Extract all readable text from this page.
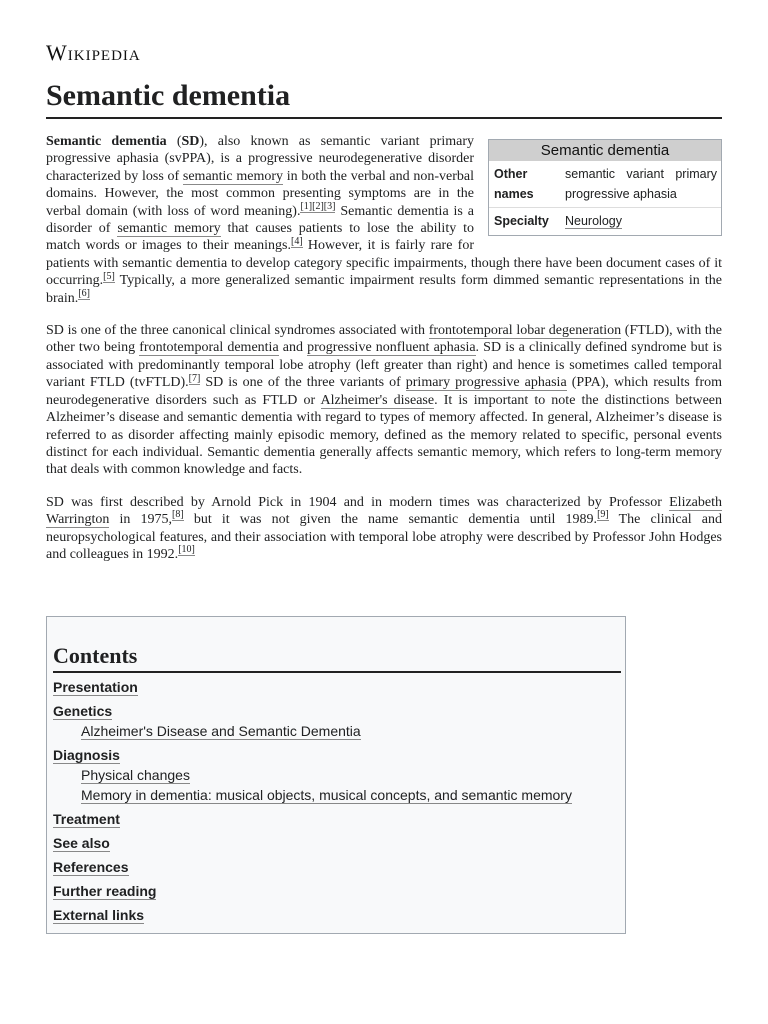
Wikipedia
Semantic dementia
Semantic dementia
Other names	semantic variant primary progressive aphasia
Specialty	Neurology

Semantic dementia (SD), also known as semantic variant primary progressive aphasia (svPPA), is a progressive neurodegenerative disorder characterized by loss of semantic memory in both the verbal and non-verbal domains. However, the most common presenting symptoms are in the verbal domain (with loss of word meaning).[1][2][3] Semantic dementia is a disorder of semantic memory that causes patients to lose the ability to match words or images to their meanings.[4] However, it is fairly rare for patients with semantic dementia to develop category specific impairments, though there have been document cases of it occurring.[5] Typically, a more generalized semantic impairment results form dimmed semantic representations in the brain.[6]

SD is one of the three canonical clinical syndromes associated with frontotemporal lobar degeneration (FTLD), with the other two being frontotemporal dementia and progressive nonfluent aphasia. SD is a clinically defined syndrome but is associated with predominantly temporal lobe atrophy (left greater than right) and hence is sometimes called temporal variant FTLD (tvFTLD).[7] SD is one of the three variants of primary progressive aphasia (PPA), which results from neurodegenerative disorders such as FTLD or Alzheimer's disease. It is important to note the distinctions between Alzheimer’s disease and semantic dementia with regard to types of memory affected. In general, Alzheimer’s disease is referred to as disorder affecting mainly episodic memory, defined as the memory related to specific, personal events distinct for each individual. Semantic dementia generally affects semantic memory, which refers to long-term memory that deals with common knowledge and facts.

SD was first described by Arnold Pick in 1904 and in modern times was characterized by Professor Elizabeth Warrington in 1975,[8] but it was not given the name semantic dementia until 1989.[9] The clinical and neuropsychological features, and their association with temporal lobe atrophy were described by Professor John Hodges and colleagues in 1992.[10]

Contents
Presentation
Genetics
Alzheimer's Disease and Semantic Dementia
Diagnosis
Physical changes
Memory in dementia: musical objects, musical concepts, and semantic memory
Treatment
See also
References
Further reading
External links
